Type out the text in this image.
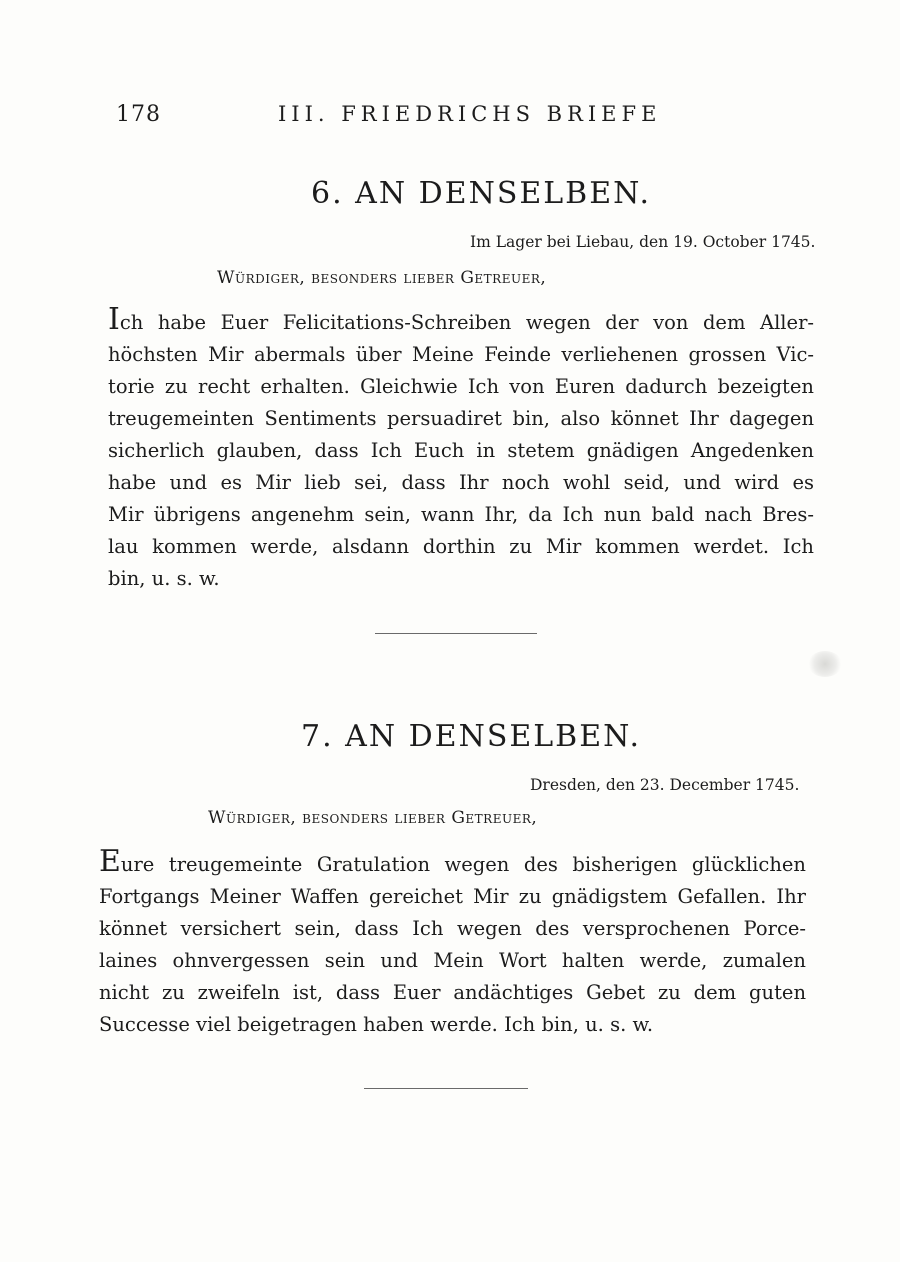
178	III. FRIEDRICHS BRIEFE
6. AN DENSELBEN.
Im Lager bei Liebau, den 19. October 1745.
Würdiger, besonders lieber Getreuer,
Ich habe Euer Felicitations-Schreiben wegen der von dem Aller-
höchsten Mir abermals über Meine Feinde verliehenen grossen Vic-
torie zu recht erhalten. Gleichwie Ich von Euren dadurch bezeigten
treugemeinten Sentiments persuadiret bin, also könnet Ihr dagegen
sicherlich glauben, dass Ich Euch in stetem gnädigen Angedenken
habe und es Mir lieb sei, dass Ihr noch wohl seid, und wird es
Mir übrigens angenehm sein, wann Ihr, da Ich nun bald nach Bres-
lau kommen werde, alsdann dorthin zu Mir kommen werdet. Ich
bin, u. s. w.
7. AN DENSELBEN.
Dresden, den 23. December 1745.
Würdiger, besonders lieber Getreuer,
Eure treugemeinte Gratulation wegen des bisherigen glücklichen
Fortgangs Meiner Waffen gereichet Mir zu gnädigstem Gefallen. Ihr
könnet versichert sein, dass Ich wegen des versprochenen Porce-
laines ohnvergessen sein und Mein Wort halten werde, zumalen
nicht zu zweifeln ist, dass Euer andächtiges Gebet zu dem guten
Successe viel beigetragen haben werde. Ich bin, u. s. w.
